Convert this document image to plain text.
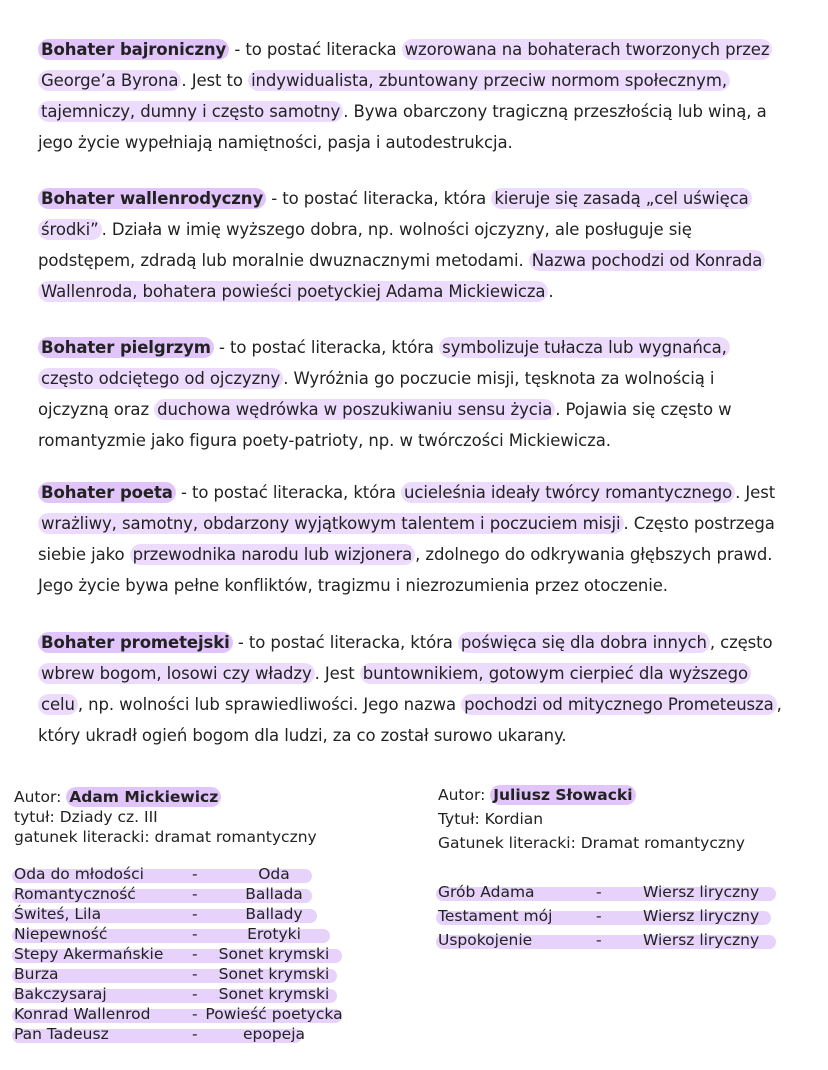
Bohater bajroniczny - to postać literacka wzorowana na bohaterach tworzonych przez George’a Byrona . Jest to indywidualista, zbuntowany przeciw normom społecznym, tajemniczy, dumny i często samotny . Bywa obarczony tragiczną przeszłością lub winą, a jego życie wypełniają namiętności, pasja i autodestrukcja.
Bohater wallenrodyczny - to postać literacka, która kieruje się zasadą „cel uświęca środki” . Działa w imię wyższego dobra, np. wolności ojczyzny, ale posługuje się podstępem, zdradą lub moralnie dwuznacznymi metodami. Nazwa pochodzi od Konrada Wallenroda, bohatera powieści poetyckiej Adama Mickiewicza .
Bohater pielgrzym - to postać literacka, która symbolizuje tułacza lub wygnańca, często odciętego od ojczyzny . Wyróżnia go poczucie misji, tęsknota za wolnością i ojczyzną oraz duchowa wędrówka w poszukiwaniu sensu życia . Pojawia się często w romantyzmie jako figura poety-patrioty, np. w twórczości Mickiewicza.
Bohater poeta - to postać literacka, która ucieleśnia ideały twórcy romantycznego . Jest wrażliwy, samotny, obdarzony wyjątkowym talentem i poczuciem misji . Często postrzega siebie jako przewodnika narodu lub wizjonera , zdolnego do odkrywania głębszych prawd. Jego życie bywa pełne konfliktów, tragizmu i niezrozumienia przez otoczenie.
Bohater prometejski - to postać literacka, która poświęca się dla dobra innych , często wbrew bogom, losowi czy władzy . Jest buntownikiem, gotowym cierpieć dla wyższego celu , np. wolności lub sprawiedliwości. Jego nazwa pochodzi od mitycznego Prometeusza , który ukradł ogień bogom dla ludzi, za co został surowo ukarany.
Autor: Adam Mickiewicz
tytuł: Dziady cz. III
gatunek literacki: dramat romantyczny
Oda do młodości	-	Oda
Romantyczność	-	Ballada
Świteś, Lila	-	Ballady
Niepewność	-	Erotyki
Stepy Akermańskie -	Sonet krymski
Burza	-	Sonet krymski
Bakczysaraj	-	Sonet krymski
Konrad Wallenrod	- Powieść poetycka
Pan Tadeusz	-	epopeja
Autor: Juliusz Słowacki
Tytuł: Kordian
Gatunek literacki: Dramat romantyczny
Grób Adama	-	Wiersz liryczny
Testament mój	-	Wiersz liryczny
Uspokojenie	-	Wiersz liryczny
